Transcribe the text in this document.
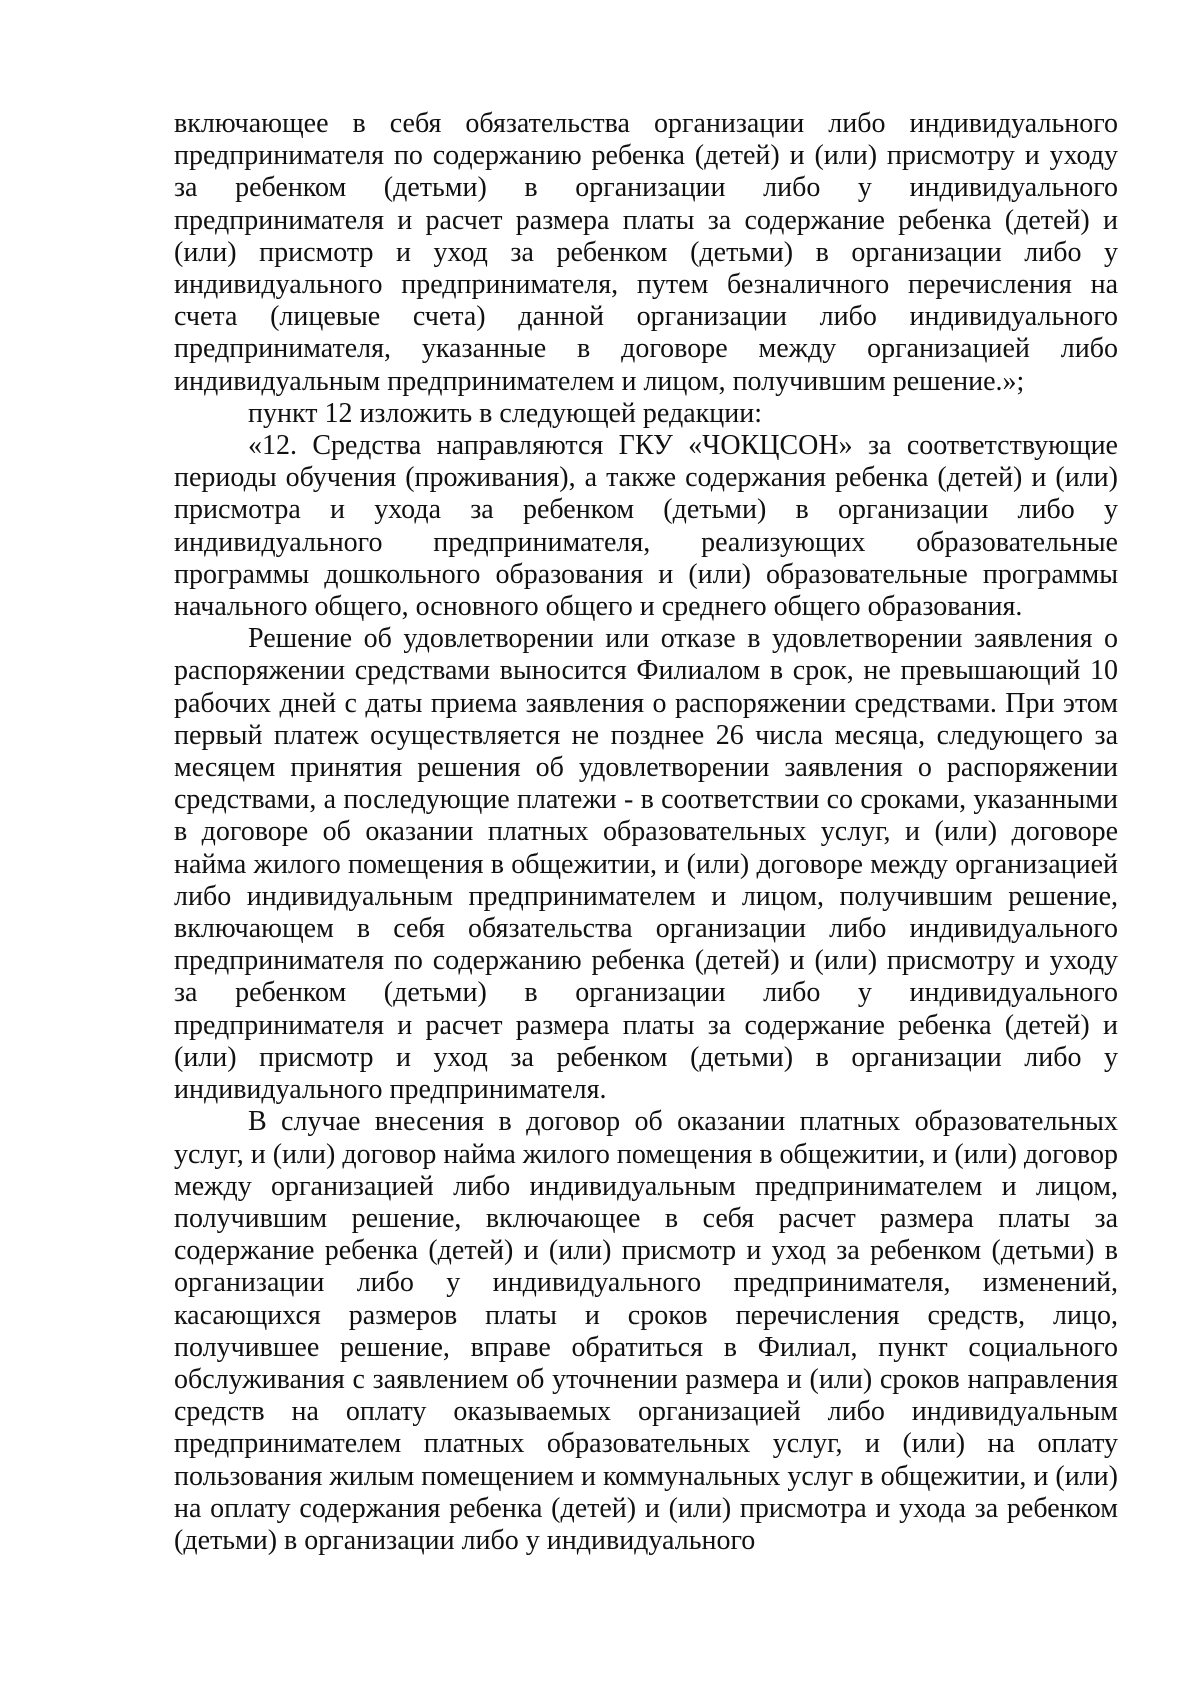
включающее в себя обязательства организации либо индивидуального предпринимателя по содержанию ребенка (детей) и (или) присмотру и уходу за ребенком (детьми) в организации либо у индивидуального предпринимателя и расчет размера платы за содержание ребенка (детей) и (или) присмотр и уход за ребенком (детьми) в организации либо у индивидуального предпринимателя, путем безналичного перечисления на счета (лицевые счета) данной организации либо индивидуального предпринимателя, указанные в договоре между организацией либо индивидуальным предпринимателем и лицом, получившим решение.»;

пункт 12 изложить в следующей редакции:

«12. Средства направляются ГКУ «ЧОКЦСОН» за соответствующие периоды обучения (проживания), а также содержания ребенка (детей) и (или) присмотра и ухода за ребенком (детьми) в организации либо у индивидуального предпринимателя, реализующих образовательные программы дошкольного образования и (или) образовательные программы начального общего, основного общего и среднего общего образования.

Решение об удовлетворении или отказе в удовлетворении заявления о распоряжении средствами выносится Филиалом в срок, не превышающий 10 рабочих дней с даты приема заявления о распоряжении средствами. При этом первый платеж осуществляется не позднее 26 числа месяца, следующего за месяцем принятия решения об удовлетворении заявления о распоряжении средствами, а последующие платежи - в соответствии со сроками, указанными в договоре об оказании платных образовательных услуг, и (или) договоре найма жилого помещения в общежитии, и (или) договоре между организацией либо индивидуальным предпринимателем и лицом, получившим решение, включающем в себя обязательства организации либо индивидуального предпринимателя по содержанию ребенка (детей) и (или) присмотру и уходу за ребенком (детьми) в организации либо у индивидуального предпринимателя и расчет размера платы за содержание ребенка (детей) и (или) присмотр и уход за ребенком (детьми) в организации либо у индивидуального предпринимателя.

В случае внесения в договор об оказании платных образовательных услуг, и (или) договор найма жилого помещения в общежитии, и (или) договор между организацией либо индивидуальным предпринимателем и лицом, получившим решение, включающее в себя расчет размера платы за содержание ребенка (детей) и (или) присмотр и уход за ребенком (детьми) в организации либо у индивидуального предпринимателя, изменений, касающихся размеров платы и сроков перечисления средств, лицо, получившее решение, вправе обратиться в Филиал, пункт социального обслуживания с заявлением об уточнении размера и (или) сроков направления средств на оплату оказываемых организацией либо индивидуальным предпринимателем платных образовательных услуг, и (или) на оплату пользования жилым помещением и коммунальных услуг в общежитии, и (или) на оплату содержания ребенка (детей) и (или) присмотра и ухода за ребенком (детьми) в организации либо у индивидуального
